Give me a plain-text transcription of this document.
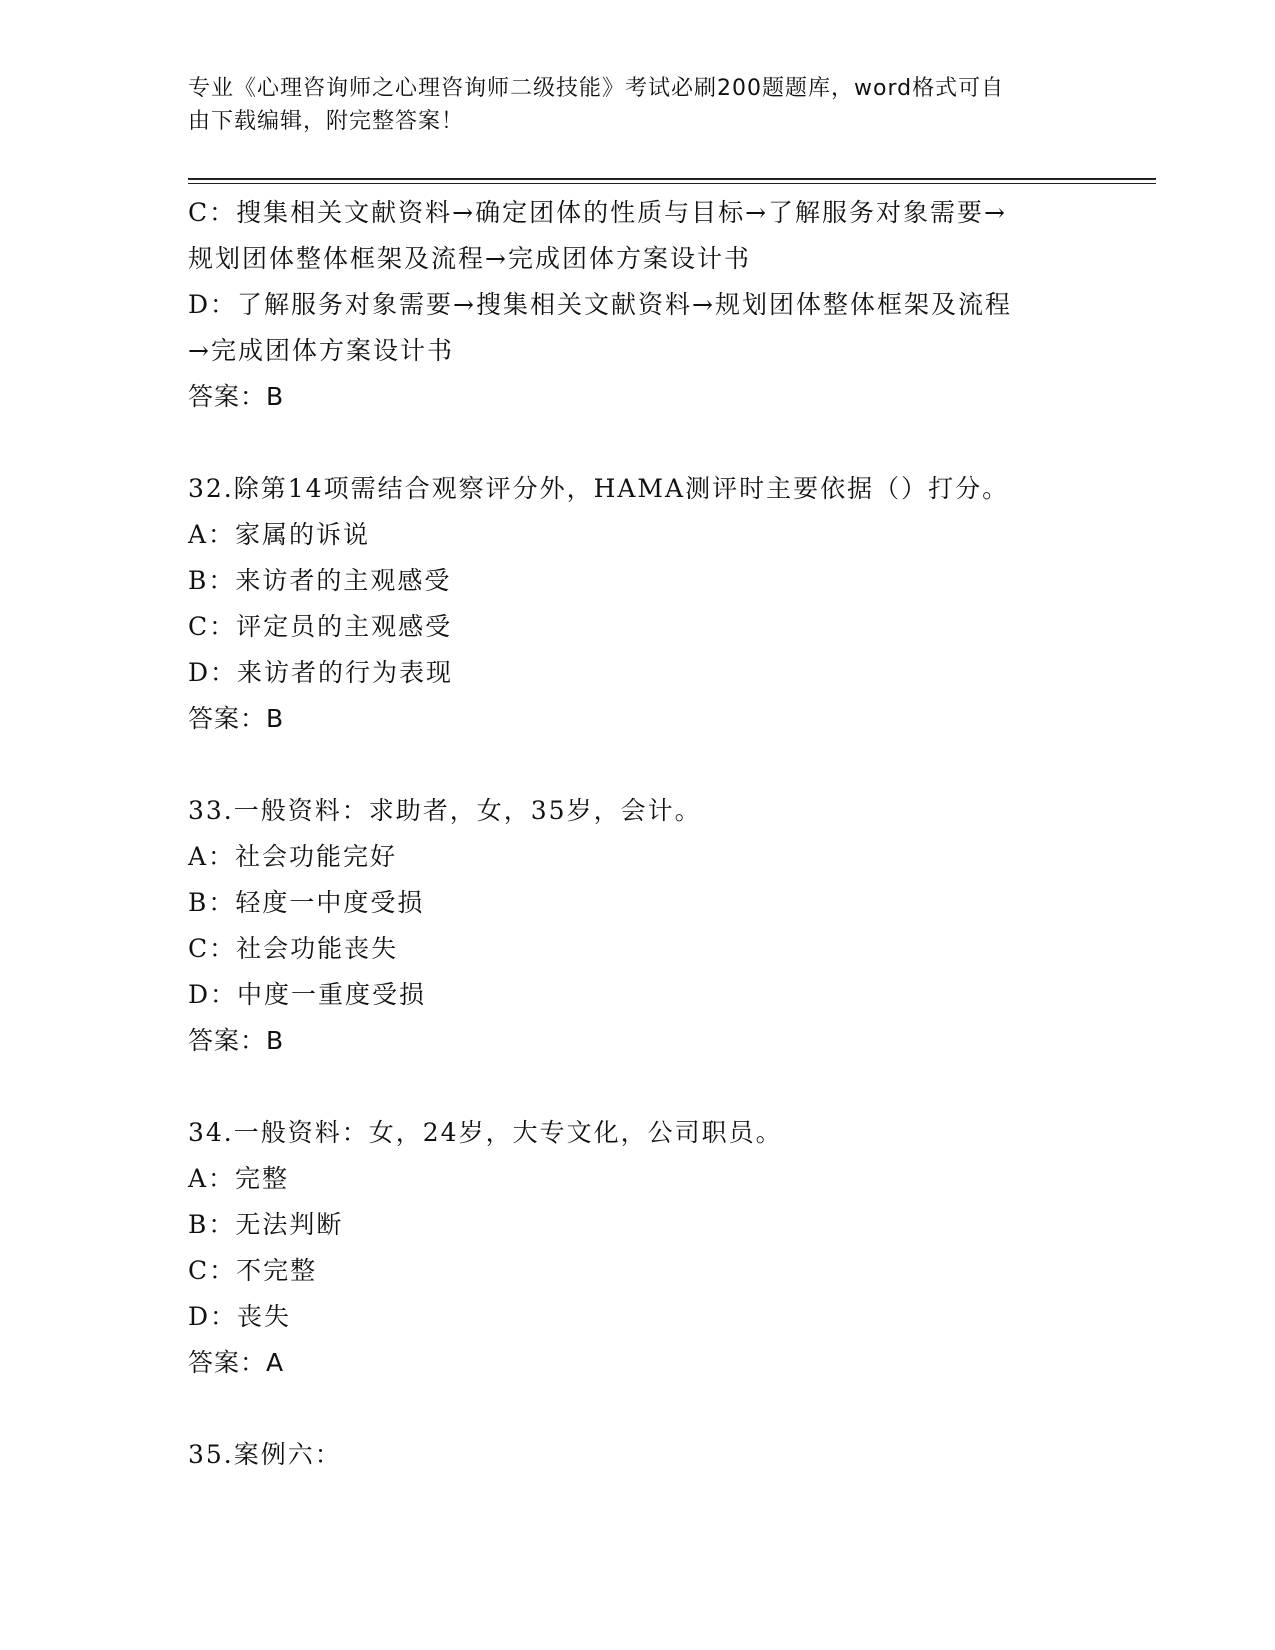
专业《心理咨询师之心理咨询师二级技能》考试必刷200题题库，word格式可自
由下载编辑，附完整答案！
C：搜集相关文献资料→确定团体的性质与目标→了解服务对象需要→
规划团体整体框架及流程→完成团体方案设计书
D：了解服务对象需要→搜集相关文献资料→规划团体整体框架及流程
→完成团体方案设计书
答案：B
32.除第14项需结合观察评分外，HAMA测评时主要依据（）打分。
A：家属的诉说
B：来访者的主观感受
C：评定员的主观感受
D：来访者的行为表现
答案：B
33.一般资料：求助者，女，35岁，会计。
A：社会功能完好
B：轻度一中度受损
C：社会功能丧失
D：中度一重度受损
答案：B
34.一般资料：女，24岁，大专文化，公司职员。
A：完整
B：无法判断
C：不完整
D：丧失
答案：A
35.案例六：
